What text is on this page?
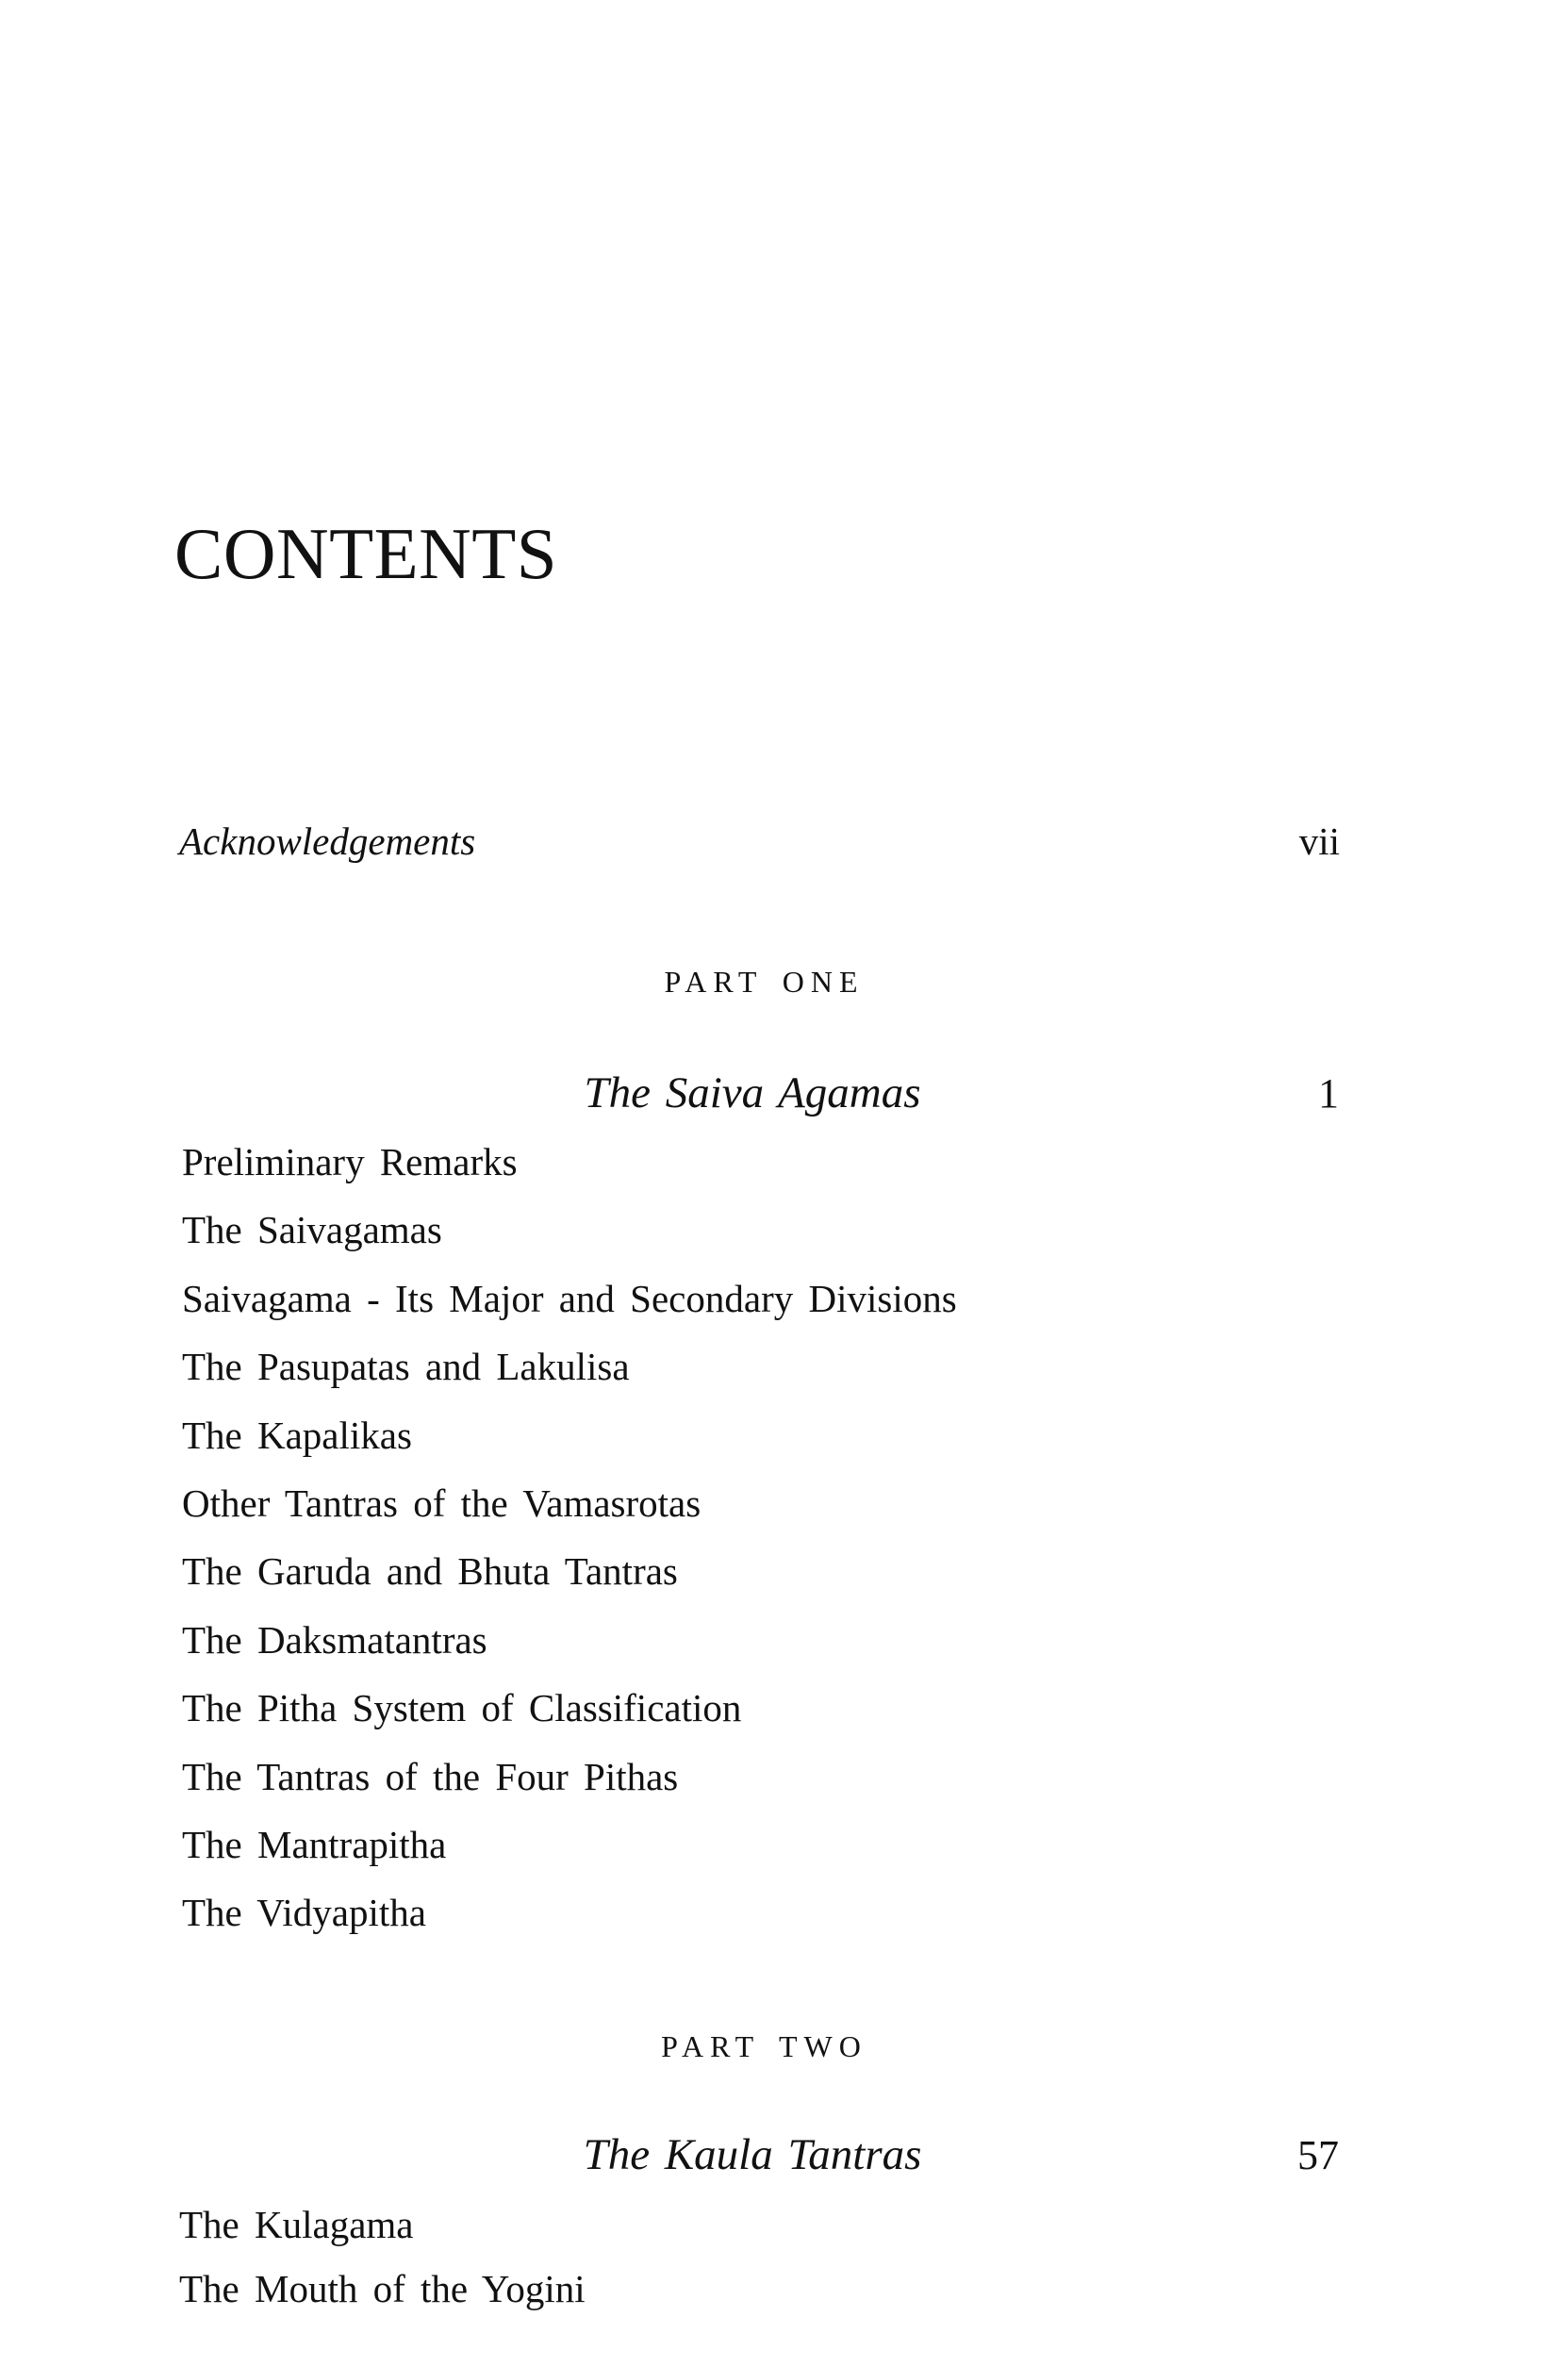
CONTENTS
Acknowledgements	vii
PART ONE
The Saiva Agamas	1
Preliminary Remarks
The Saivagamas
Saivagama - Its Major and Secondary Divisions
The Pasupatas and Lakulisa
The Kapalikas
Other Tantras of the Vamasrotas
The Garuda and Bhuta Tantras
The Daksmatantras
The Pitha System of Classification
The Tantras of the Four Pithas
The Mantrapitha
The Vidyapitha
PART TWO
The Kaula Tantras	57
The Kulagama
The Mouth of the Yogini
